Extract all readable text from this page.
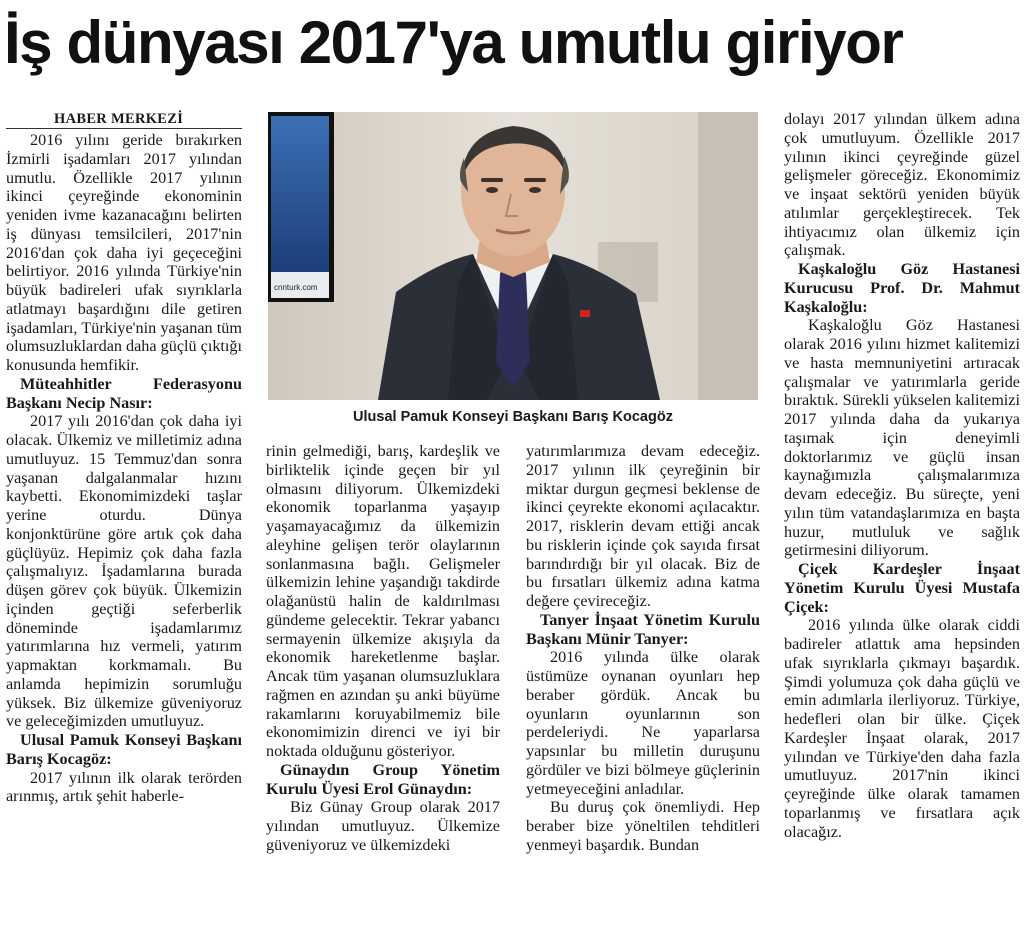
İş dünyası 2017'ya umutlu giriyor
HABER MERKEZİ

2016 yılını geride bırakırken İzmirli işadamları 2017 yılından umutlu. Özellikle 2017 yılının ikinci çeyreğinde ekonominin yeniden ivme kazanacağını belirten iş dünyası temsilcileri, 2017'nin 2016'dan çok daha iyi geçeceğini belirtiyor. 2016 yılında Türkiye'nin büyük badireleri ufak sıyrıklarla atlatmayı başardığını dile getiren işadamları, Türkiye'nin yaşanan tüm olumsuzluklardan daha güçlü çıktığı konusunda hemfikir.

Müteahhitler Federasyonu Başkanı Necip Nasır:

2017 yılı 2016'dan çok daha iyi olacak. Ülkemiz ve milletimiz adına umutluyuz. 15 Temmuz'dan sonra yaşanan dalgalanmalar hızını kaybetti. Ekonomimizdeki taşlar yerine oturdu. Dünya konjonktürüne göre artık çok daha güçlüyüz. Hepimiz çok daha fazla çalışmalıyız. İşadamlarına burada düşen görev çok büyük. Ülkemizin içinden geçtiği seferberlik döneminde işadamlarımız yatırımlarına hız vermeli, yatırım yapmaktan korkmamalı. Bu anlamda hepimizin sorumluğu yüksek. Biz ülkemize güveniyoruz ve geleceğimizden umutluyuz.

Ulusal Pamuk Konseyi Başkanı Barış Kocagöz:

2017 yılının ilk olarak terörden arınmış, artık şehit haberle-

cnnturk.com
Ulusal Pamuk Konseyi Başkanı Barış Kocagöz

rinin gelmediği, barış, kardeşlik ve birliktelik içinde geçen bir yıl olmasını diliyorum. Ülkemizdeki ekonomik toparlanma yaşayıp yaşamayacağımız da ülkemizin aleyhine gelişen terör olaylarının sonlanmasına bağlı. Gelişmeler ülkemizin lehine yaşandığı takdirde olağanüstü halin de kaldırılması gündeme gelecektir. Tekrar yabancı sermayenin ülkemize akışıyla da ekonomik hareketlenme başlar. Ancak tüm yaşanan olumsuzluklara rağmen en azından şu anki büyüme rakamlarını koruyabilmemiz bile ekonomimizin direnci ve iyi bir noktada olduğunu gösteriyor.

Günaydın Group Yönetim Kurulu Üyesi Erol Günaydın:

Biz Günay Group olarak 2017 yılından umutluyuz. Ülkemize güveniyoruz ve ülkemizdeki

yatırımlarımıza devam edeceğiz. 2017 yılının ilk çeyreğinin bir miktar durgun geçmesi beklense de ikinci çeyrekte ekonomi açılacaktır. 2017, risklerin devam ettiği ancak bu risklerin içinde çok sayıda fırsat barındırdığı bir yıl olacak. Biz de bu fırsatları ülkemiz adına katma değere çevireceğiz.

Tanyer İnşaat Yönetim Kurulu Başkanı Münir Tanyer:

2016 yılında ülke olarak üstümüze oynanan oyunları hep beraber gördük. Ancak bu oyunların oyunlarının son perdeleriydi. Ne yaparlarsa yapsınlar bu milletin duruşunu gördüler ve bizi bölmeye güçlerinin yetmeyeceğini anladılar.

Bu duruş çok önemliydi. Hep beraber bize yöneltilen tehditleri yenmeyi başardık. Bundan

dolayı 2017 yılından ülkem adına çok umutluyum. Özellikle 2017 yılının ikinci çeyreğinde güzel gelişmeler göreceğiz. Ekonomimiz ve inşaat sektörü yeniden büyük atılımlar gerçekleştirecek. Tek ihtiyacımız olan ülkemiz için çalışmak.

Kaşkaloğlu Göz Hastanesi Kurucusu Prof. Dr. Mahmut Kaşkaloğlu:

Kaşkaloğlu Göz Hastanesi olarak 2016 yılını hizmet kalitemizi ve hasta memnuniyetini artıracak çalışmalar ve yatırımlarla geride bıraktık. Sürekli yükselen kalitemizi 2017 yılında daha da yukarıya taşımak için deneyimli doktorlarımız ve güçlü insan kaynağımızla çalışmalarımıza devam edeceğiz. Bu süreçte, yeni yılın tüm vatandaşlarımıza en başta huzur, mutluluk ve sağlık getirmesini diliyorum.

Çiçek Kardeşler İnşaat Yönetim Kurulu Üyesi Mustafa Çiçek:

2016 yılında ülke olarak ciddi badireler atlattık ama hepsinden ufak sıyrıklarla çıkmayı başardık. Şimdi yolumuza çok daha güçlü ve emin adımlarla ilerliyoruz. Türkiye, hedefleri olan bir ülke. Çiçek Kardeşler İnşaat olarak, 2017 yılından ve Türkiye'den daha fazla umutluyuz. 2017'nin ikinci çeyreğinde ülke olarak tamamen toparlanmış ve fırsatlara açık olacağız.
